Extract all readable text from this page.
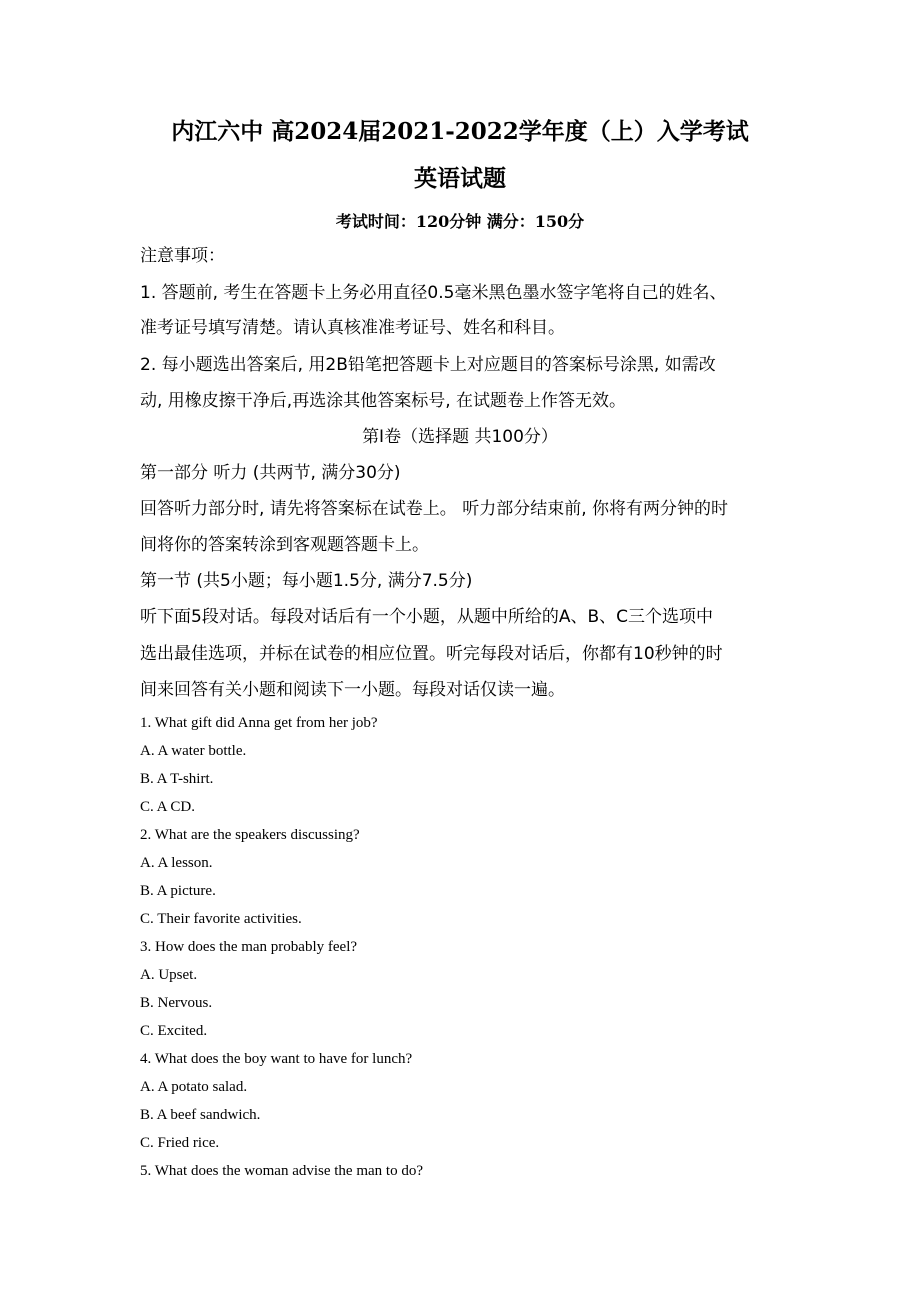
内江六中 高2024届2021-2022学年度（上）入学考试
英语试题
考试时间：120分钟 满分：150分
注意事项：
1. 答题前, 考生在答题卡上务必用直径0.5毫米黑色墨水签字笔将自己的姓名、
准考证号填写清楚。请认真核准准考证号、姓名和科目。
2. 每小题选出答案后, 用2B铅笔把答题卡上对应题目的答案标号涂黑, 如需改
动, 用橡皮擦干净后,再选涂其他答案标号, 在试题卷上作答无效。
第I卷（选择题 共100分）
第一部分 听力 (共两节, 满分30分)
回答听力部分时, 请先将答案标在试卷上。 听力部分结束前, 你将有两分钟的时
间将你的答案转涂到客观题答题卡上。
第一节 (共5小题；每小题1.5分, 满分7.5分)
听下面5段对话。每段对话后有一个小题，从题中所给的A、B、C三个选项中
选出最佳选项，并标在试卷的相应位置。听完每段对话后，你都有10秒钟的时
间来回答有关小题和阅读下一小题。每段对话仅读一遍。
1. What gift did Anna get from her job?
A. A water bottle.
B. A T-shirt.
C. A CD.
2. What are the speakers discussing?
A. A lesson.
B. A picture.
C. Their favorite activities.
3. How does the man probably feel?
A. Upset.
B. Nervous.
C. Excited.
4. What does the boy want to have for lunch?
A. A potato salad.
B. A beef sandwich.
C. Fried rice.
5. What does the woman advise the man to do?
